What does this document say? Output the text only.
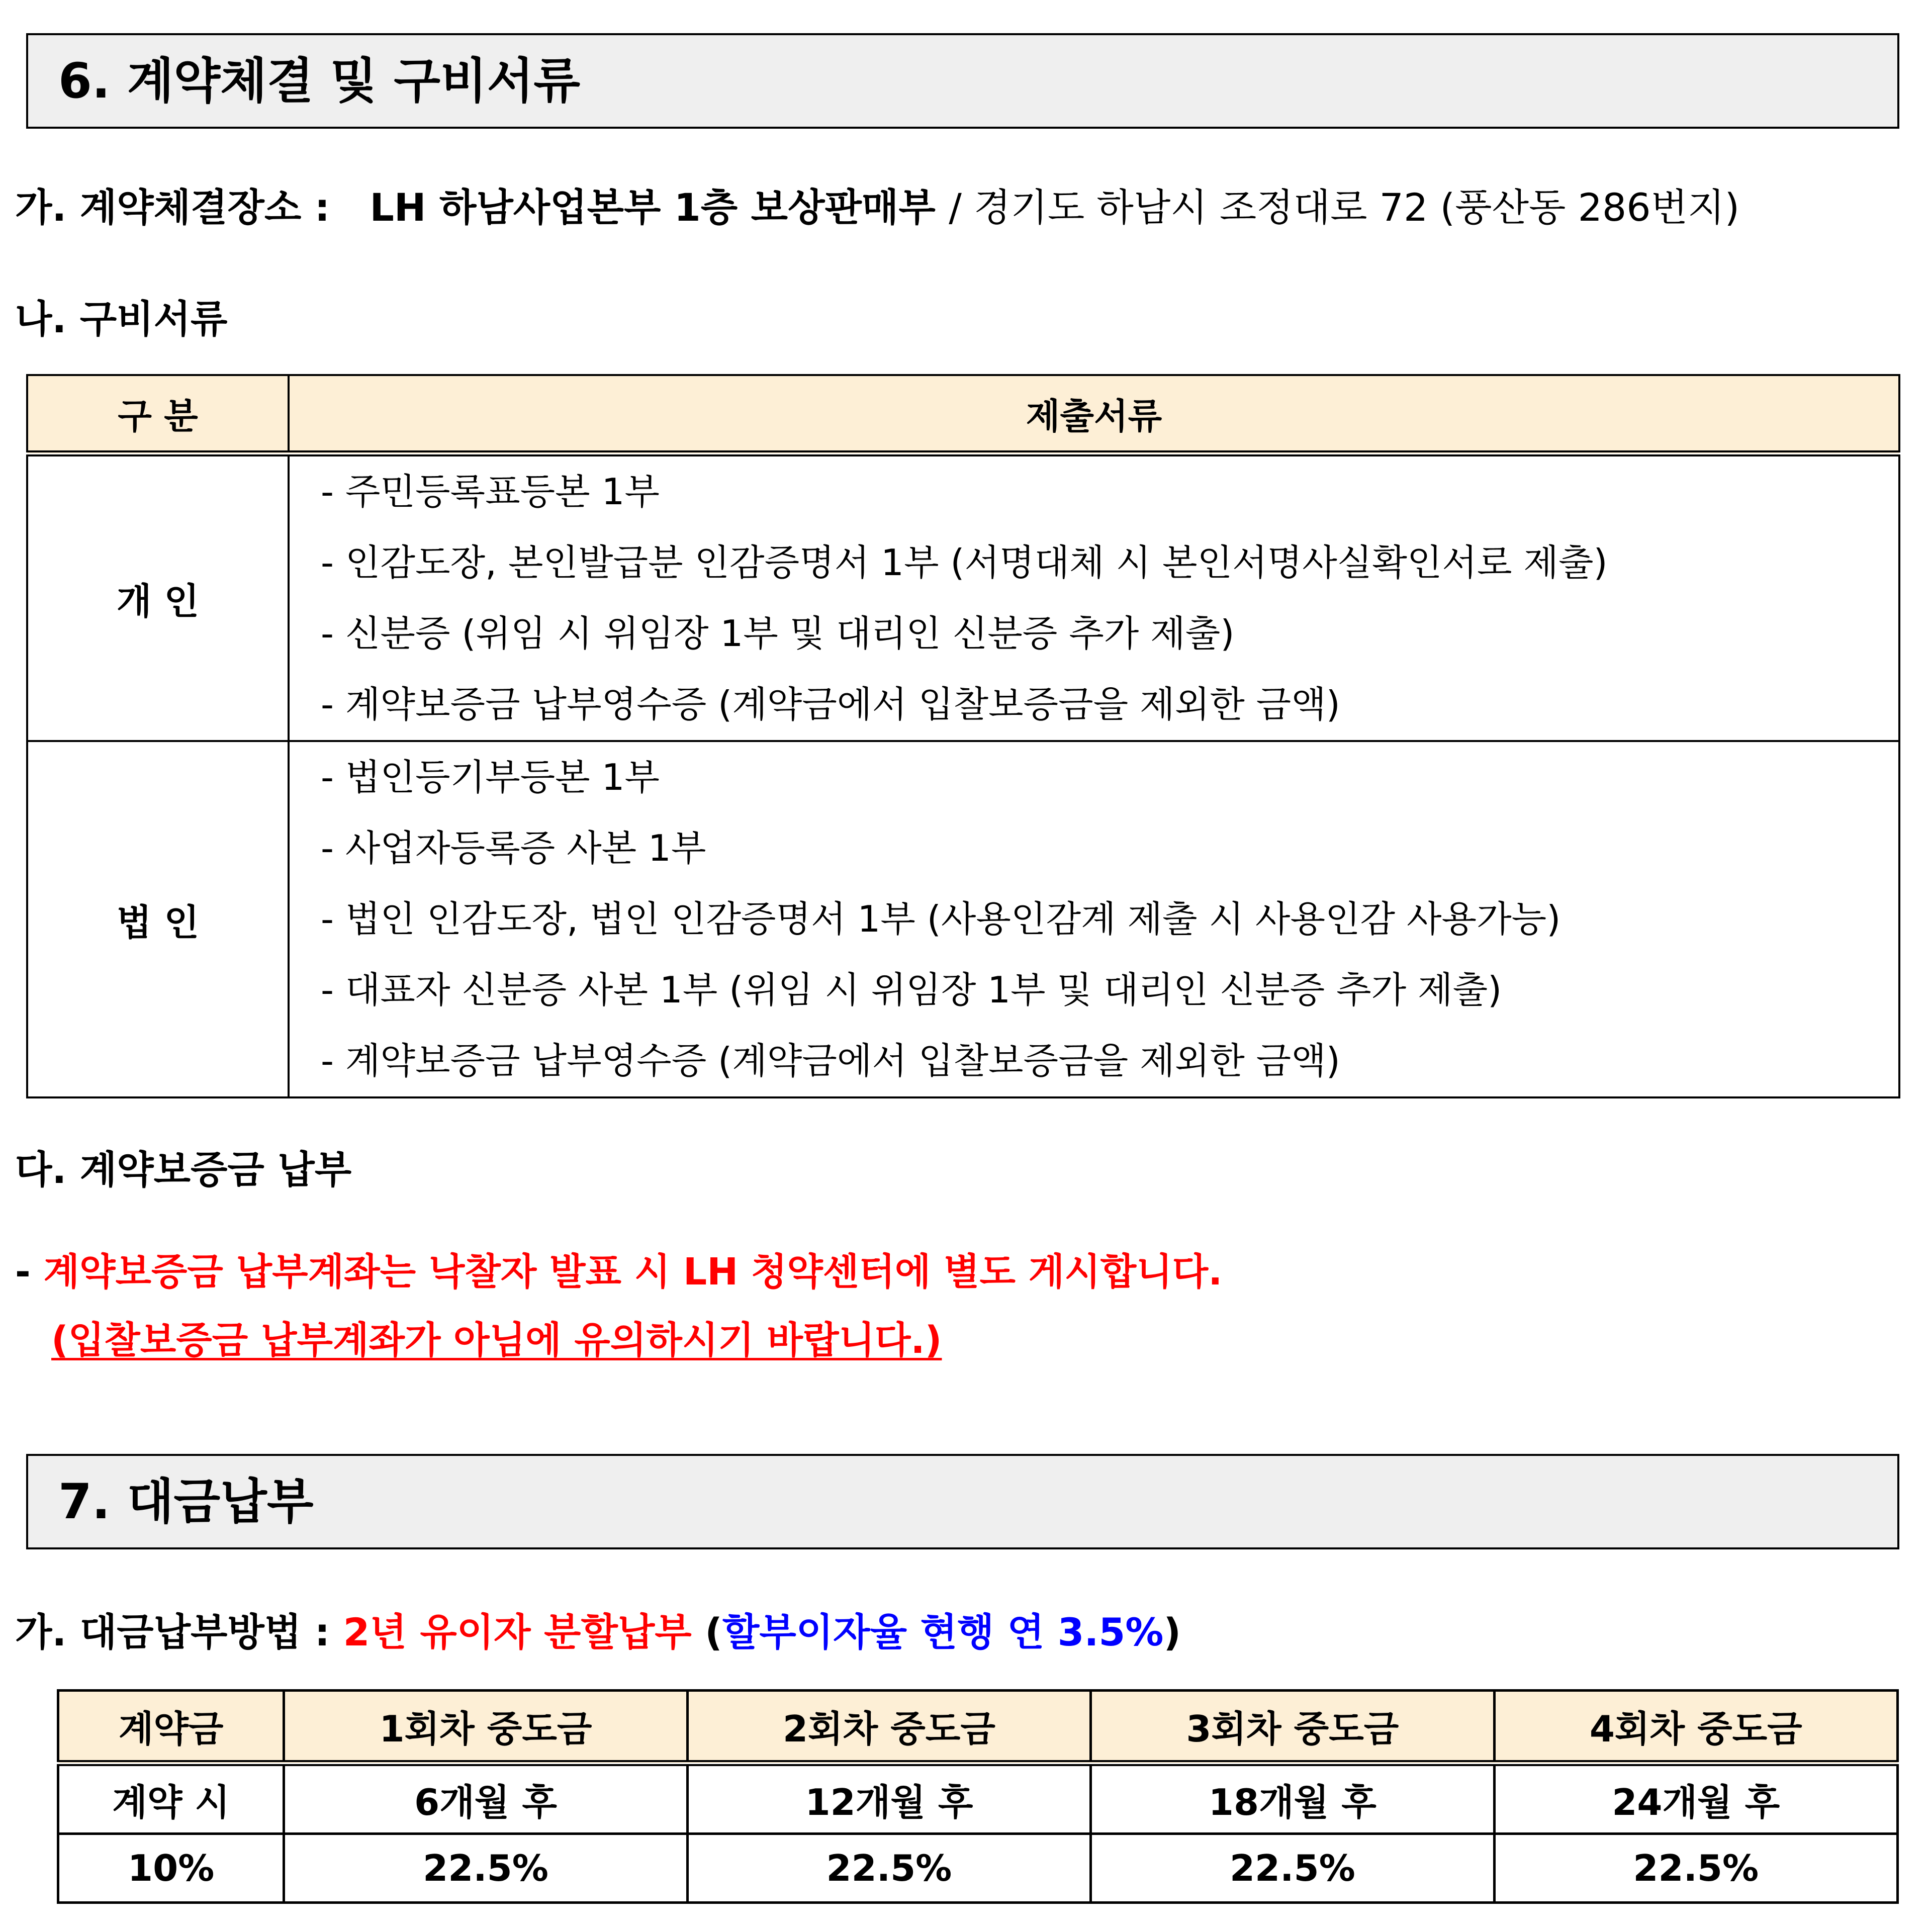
6. 계약체결 및 구비서류
가. 계약체결장소 : LH 하남사업본부 1층 보상판매부 / 경기도 하남시 조정대로 72 (풍산동 286번지)
나. 구비서류
구 분	제출서류
개 인	- 주민등록표등본 1부
- 인감도장, 본인발급분 인감증명서 1부 (서명대체 시 본인서명사실확인서로 제출)
- 신분증 (위임 시 위임장 1부 및 대리인 신분증 추가 제출)
- 계약보증금 납부영수증 (계약금에서 입찰보증금을 제외한 금액)

법 인	- 법인등기부등본 1부
- 사업자등록증 사본 1부
- 법인 인감도장, 법인 인감증명서 1부 (사용인감계 제출 시 사용인감 사용가능)
- 대표자 신분증 사본 1부 (위임 시 위임장 1부 및 대리인 신분증 추가 제출)
- 계약보증금 납부영수증 (계약금에서 입찰보증금을 제외한 금액)
다. 계약보증금 납부
- 계약보증금 납부계좌는 낙찰자 발표 시 LH 청약센터에 별도 게시합니다.
(입찰보증금 납부계좌가 아님에 유의하시기 바랍니다.)
7. 대금납부
가. 대금납부방법 : 2년 유이자 분할납부 (할부이자율 현행 연 3.5%)
계약금	1회차 중도금	2회차 중도금	3회차 중도금	4회차 중도금
계약 시	6개월 후	12개월 후	18개월 후	24개월 후
10%	22.5%	22.5%	22.5%	22.5%
